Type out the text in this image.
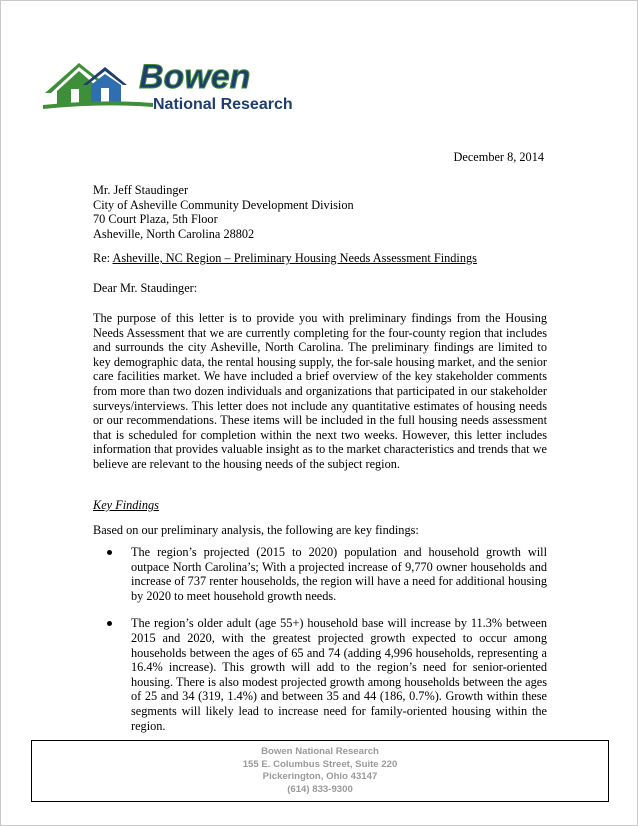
Bowen
National Research
December 8, 2014
Mr. Jeff Staudinger
City of Asheville Community Development Division
70 Court Plaza, 5th Floor
Asheville, North Carolina 28802
Re: Asheville, NC Region – Preliminary Housing Needs Assessment Findings
Dear Mr. Staudinger:
The purpose of this letter is to provide you with preliminary findings from the Housing Needs Assessment that we are currently completing for the four-county region that includes and surrounds the city Asheville, North Carolina. The preliminary findings are limited to key demographic data, the rental housing supply, the for-sale housing market, and the senior care facilities market. We have included a brief overview of the key stakeholder comments from more than two dozen individuals and organizations that participated in our stakeholder surveys/interviews. This letter does not include any quantitative estimates of housing needs or our recommendations. These items will be included in the full housing needs assessment that is scheduled for completion within the next two weeks. However, this letter includes information that provides valuable insight as to the market characteristics and trends that we believe are relevant to the housing needs of the subject region.
Key Findings
Based on our preliminary analysis, the following are key findings:
The region’s projected (2015 to 2020) population and household growth will outpace North Carolina’s; With a projected increase of 9,770 owner households and increase of 737 renter households, the region will have a need for additional housing by 2020 to meet household growth needs.
The region’s older adult (age 55+) household base will increase by 11.3% between 2015 and 2020, with the greatest projected growth expected to occur among households between the ages of 65 and 74 (adding 4,996 households, representing a 16.4% increase). This growth will add to the region’s need for senior-oriented housing. There is also modest projected growth among households between the ages of 25 and 34 (319, 1.4%) and between 35 and 44 (186, 0.7%). Growth within these segments will likely lead to increase need for family-oriented housing within the region.
Bowen National Research
155 E. Columbus Street, Suite 220
Pickerington, Ohio 43147
(614) 833-9300
